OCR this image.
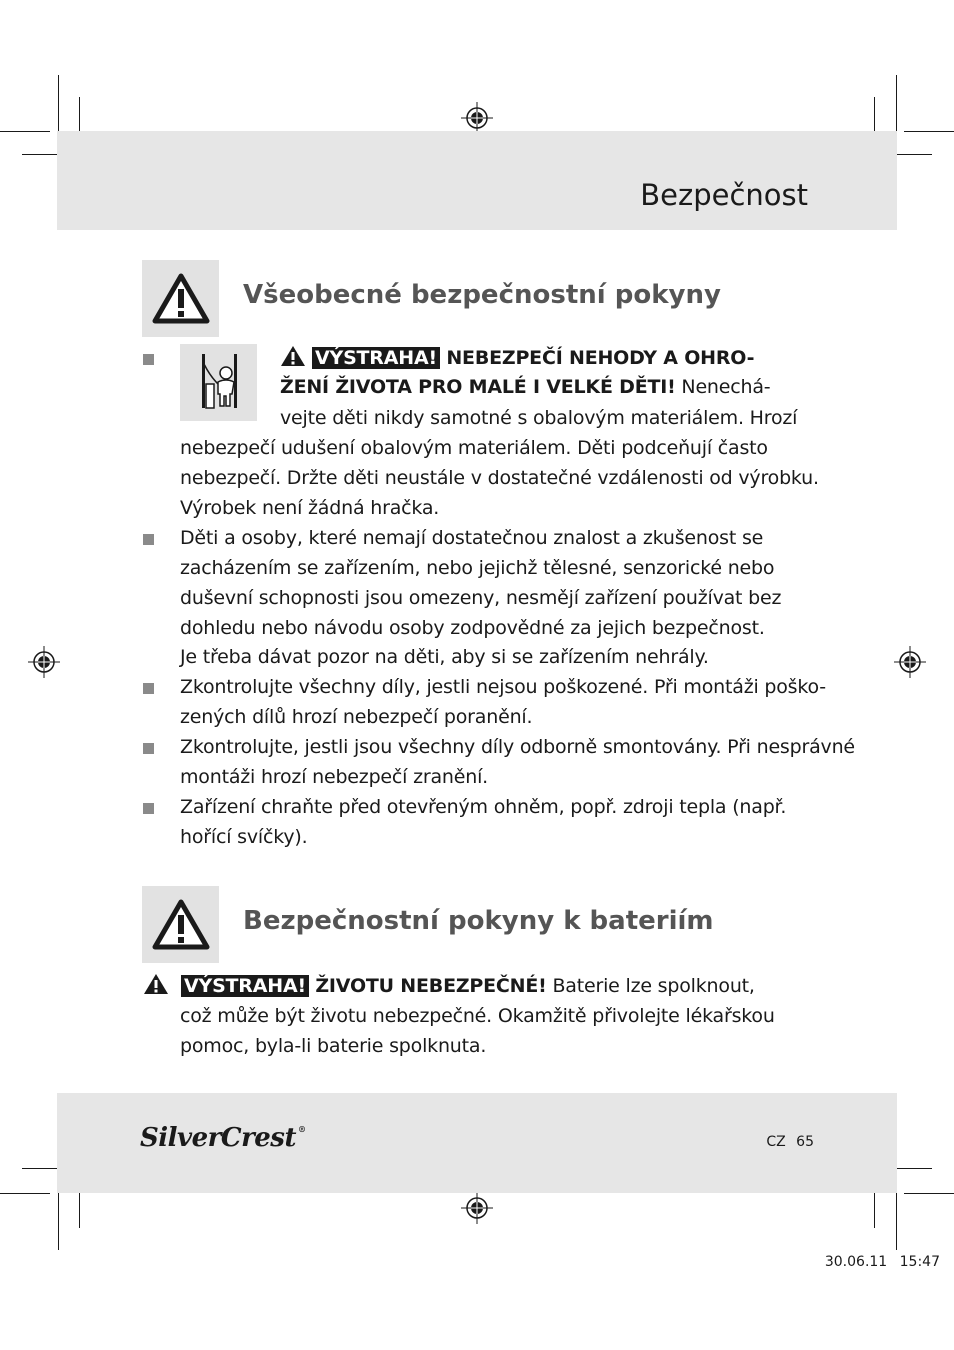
Bezpečnost
Všeobecné bezpečnostní pokyny
VÝSTRAHA! NEBEZPEČÍ NEHODY A OHRO-
ŽENÍ ŽIVOTA PRO MALÉ I VELKÉ DĚTI! Nenechá-
vejte děti nikdy samotné s obalovým materiálem. Hrozí
nebezpečí udušení obalovým materiálem. Děti podceňují často
nebezpečí. Držte děti neustále v dostatečné vzdálenosti od výrobku.
Výrobek není žádná hračka.
Děti a osoby, které nemají dostatečnou znalost a zkušenost se
zacházením se zařízením, nebo jejichž tělesné, senzorické nebo
duševní schopnosti jsou omezeny, nesmějí zařízení používat bez
dohledu nebo návodu osoby zodpovědné za jejich bezpečnost.
Je třeba dávat pozor na děti, aby si se zařízením nehrály.
Zkontrolujte všechny díly, jestli nejsou poškozené. Při montáži poško-
zených dílů hrozí nebezpečí poranění.
Zkontrolujte, jestli jsou všechny díly odborně smontovány. Při nesprávné
montáži hrozí nebezpečí zranění.
Zařízení chraňte před otevřeným ohněm, popř. zdroji tepla (např.
hořící svíčky).
Bezpečnostní pokyny k bateriím
VÝSTRAHA! ŽIVOTU NEBEZPEČNÉ! Baterie lze spolknout,
což může být životu nebezpečné. Okamžitě přivolejte lékařskou
pomoc, byla-li baterie spolknuta.
SilverCrest ®
CZ 65
30.06.11 15:47
